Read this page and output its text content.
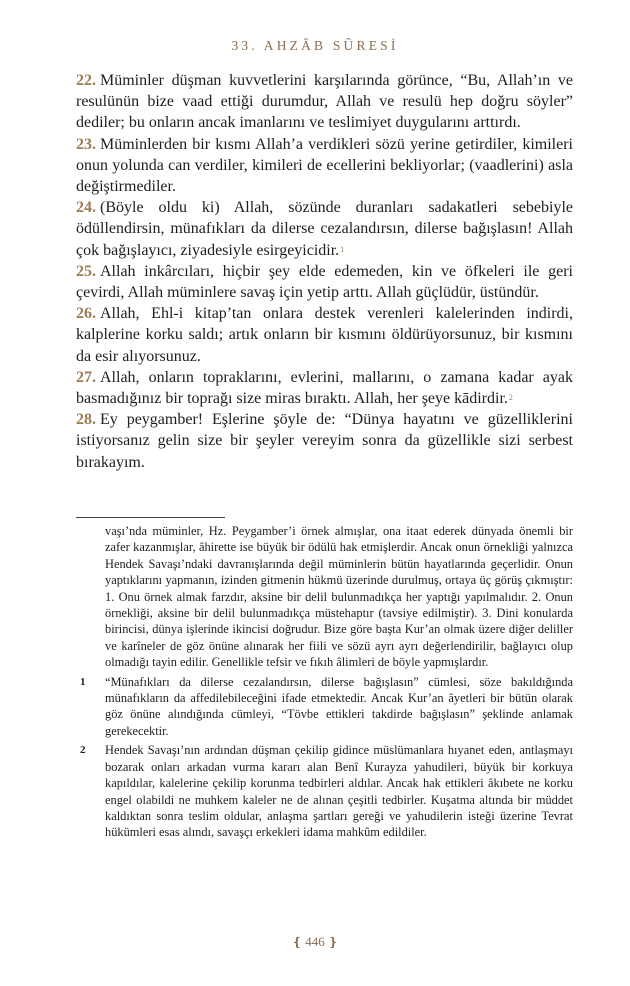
33. AHZÂB SÛRESİ

22. Müminler düşman kuvvetlerini karşılarında görünce, “Bu, Allah’ın ve resulünün bize vaad ettiği durumdur, Allah ve resulü hep doğru söyler” dediler; bu onların ancak imanlarını ve teslimiyet duygularını arttırdı.

23. Müminlerden bir kısmı Allah’a verdikleri sözü yerine getirdiler, kimileri onun yolunda can verdiler, kimileri de ecellerini bekliyorlar; (vaadlerini) asla değiştirmediler.

24. (Böyle oldu ki) Allah, sözünde duranları sadakatleri sebebiyle ödüllendirsin, münafıkları da dilerse cezalandırsın, dilerse bağışlasın! Allah çok bağışlayıcı, ziyadesiyle esirgeyicidir.$^1$

25. Allah inkârcıları, hiçbir şey elde edemeden, kin ve öfkeleri ile geri çevirdi, Allah müminlere savaş için yetip arttı. Allah güçlüdür, üstündür.

26. Allah, Ehl-i kitap’tan onlara destek verenleri kalelerinden indirdi, kalplerine korku saldı; artık onların bir kısmını öldürüyorsunuz, bir kısmını da esir alıyorsunuz.

27. Allah, onların topraklarını, evlerini, mallarını, o zamana kadar ayak basmadığınız bir toprağı size miras bıraktı. Allah, her şeye kādirdir.$^2$

28. Ey peygamber! Eşlerine şöyle de: “Dünya hayatını ve güzelliklerini istiyorsanız gelin size bir şeyler vereyim sonra da güzellikle sizi serbest bırakayım.

vaşı’nda müminler, Hz. Peygamber’i örnek almışlar, ona itaat ederek dünyada önemli bir zafer kazanmışlar, âhirette ise büyük bir ödülü hak etmişlerdir. Ancak onun örnekliği yalnızca Hendek Savaşı’ndaki davranışlarında değil müminlerin bütün hayatlarında geçerlidir. Onun yaptıklarını yapmanın, izinden gitmenin hükmü üzerinde durulmuş, ortaya üç görüş çıkmıştır: 1. Onu örnek almak farzdır, aksine bir delil bulunmadıkça her yaptığı yapılmalıdır. 2. Onun örnekliği, aksine bir delil bulunmadıkça müstehaptır (tavsiye edilmiştir). 3. Dini konularda birincisi, dünya işlerinde ikincisi doğrudur. Bize göre başta Kur’an olmak üzere diğer deliller ve karîneler de göz önüne alınarak her fiili ve sözü ayrı ayrı değerlendirilir, bağlayıcı olup olmadığı tayin edilir. Genellikle tefsir ve fıkıh âlimleri de böyle yapmışlardır.
1 “Münafıkları da dilerse cezalandırsın, dilerse bağışlasın” cümlesi, söze bakıldığında münafıkların da affedilebileceğini ifade etmektedir. Ancak Kur’an âyetleri bir bütün olarak göz önüne alındığında cümleyi, “Tövbe ettikleri takdirde bağışlasın” şeklinde anlamak gerekecektir.
2 Hendek Savaşı’nın ardından düşman çekilip gidince müslümanlara hıyanet eden, antlaşmayı bozarak onları arkadan vurma kararı alan Benî Kurayza yahudileri, büyük bir korkuya kapıldılar, kalelerine çekilip korunma tedbirleri aldılar. Ancak hak ettikleri âkıbete ne korku engel olabildi ne muhkem kaleler ne de alınan çeşitli tedbirler. Kuşatma altında bir müddet kaldıktan sonra teslim oldular, anlaşma şartları gereği ve yahudilerin isteği üzerine Tevrat hükümleri esas alındı, savaşçı erkekleri idama mahkûm edildiler.
❴ 446 ❵
